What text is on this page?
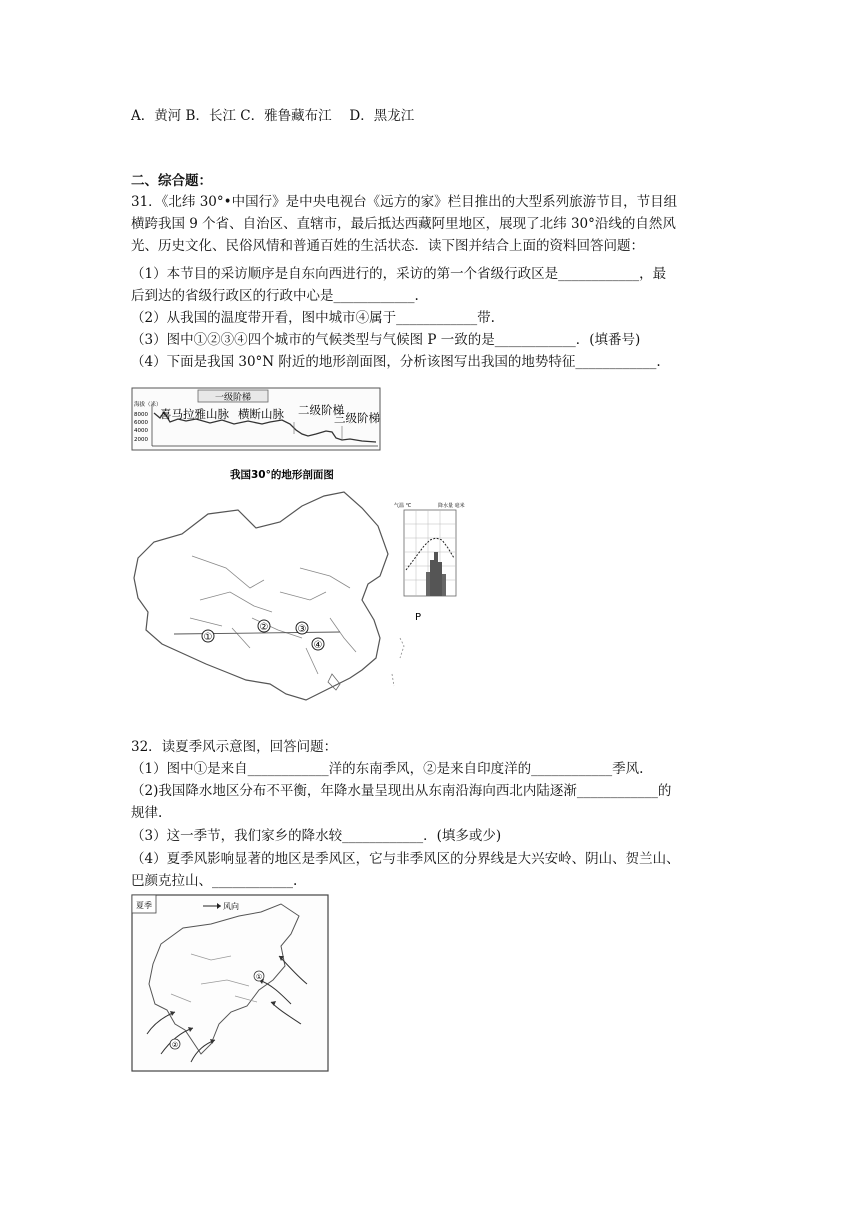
A．黄河 B．长江 C．雅鲁藏布江　 D．黑龙江
二、综合题：
31．《北纬 30°•中国行》是中央电视台《远方的家》栏目推出的大型系列旅游节目，节目组
横跨我国 9 个省、自治区、直辖市，最后抵达西藏阿里地区，展现了北纬 30°沿线的自然风
光、历史文化、民俗风情和普通百姓的生活状态．读下图并结合上面的资料回答问题：
（1）本节目的采访顺序是自东向西进行的，采访的第一个省级行政区是____________，最
后到达的省级行政区的行政中心是____________.
（2）从我国的温度带开看，图中城市④属于____________带.
（3）图中①②③④四个城市的气候类型与气候图 P 一致的是____________．(填番号)
（4）下面是我国 30°N 附近的地形剖面图，分析该图写出我国的地势特征____________.
一级阶梯
海拔（米）
8000
6000
4000
2000
喜马拉雅山脉 横断山脉 二级阶梯
三级阶梯
我国30°的地形剖面图
①
②	③
④
气温 ℃	降水量 毫米
P
32．读夏季风示意图，回答问题：
（1）图中①是来自____________洋的东南季风，②是来自印度洋的____________季风.
（2)我国降水地区分布不平衡，年降水量呈现出从东南沿海向西北内陆逐渐____________的
规律.
（3）这一季节，我们家乡的降水较____________．(填多或少)
（4）夏季风影响显著的地区是季风区，它与非季风区的分界线是大兴安岭、阴山、贺兰山、
巴颜克拉山、____________.
夏季	风向
①
②
